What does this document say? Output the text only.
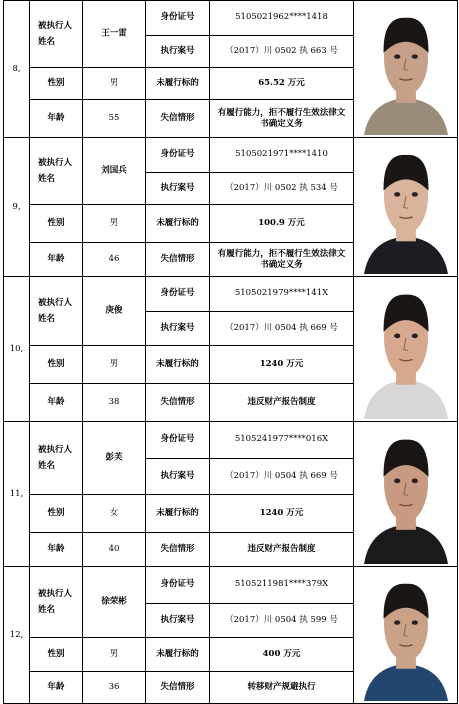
8,	被执行人
姓名	王一雷	身份证号	5105021962****1418	

			执行案号	（2017）川 0502 执 663 号	
	性别	男	未履行标的	65.52 万元	
	年龄	55	失信情形	有履行能力，拒不履行生效法律文书确定义务	
9,	被执行人
姓名	刘国兵	身份证号	5105021971****1410	

			执行案号	（2017）川 0502 执 534 号	
	性别	男	未履行标的	100.9 万元	
	年龄	46	失信情形	有履行能力，拒不履行生效法律文书确定义务	
10,	被执行人
姓名	庚俊	身份证号	5105021979****141X	

			执行案号	（2017）川 0504 执 669 号	
	性别	男	未履行标的	1240 万元	
	年龄	38	失信情形	违反财产报告制度	
11,	被执行人
姓名	彭芙	身份证号	5105241977****016X	

			执行案号	（2017）川 0504 执 669 号	
	性别	女	未履行标的	1240 万元	
	年龄	40	失信情形	违反财产报告制度	
12,	被执行人
姓名	徐荣彬	身份证号	5105211981****379X	

			执行案号	（2017）川 0504 执 599 号	
	性别	男	未履行标的	400 万元	
	年龄	36	失信情形	转移财产规避执行	
